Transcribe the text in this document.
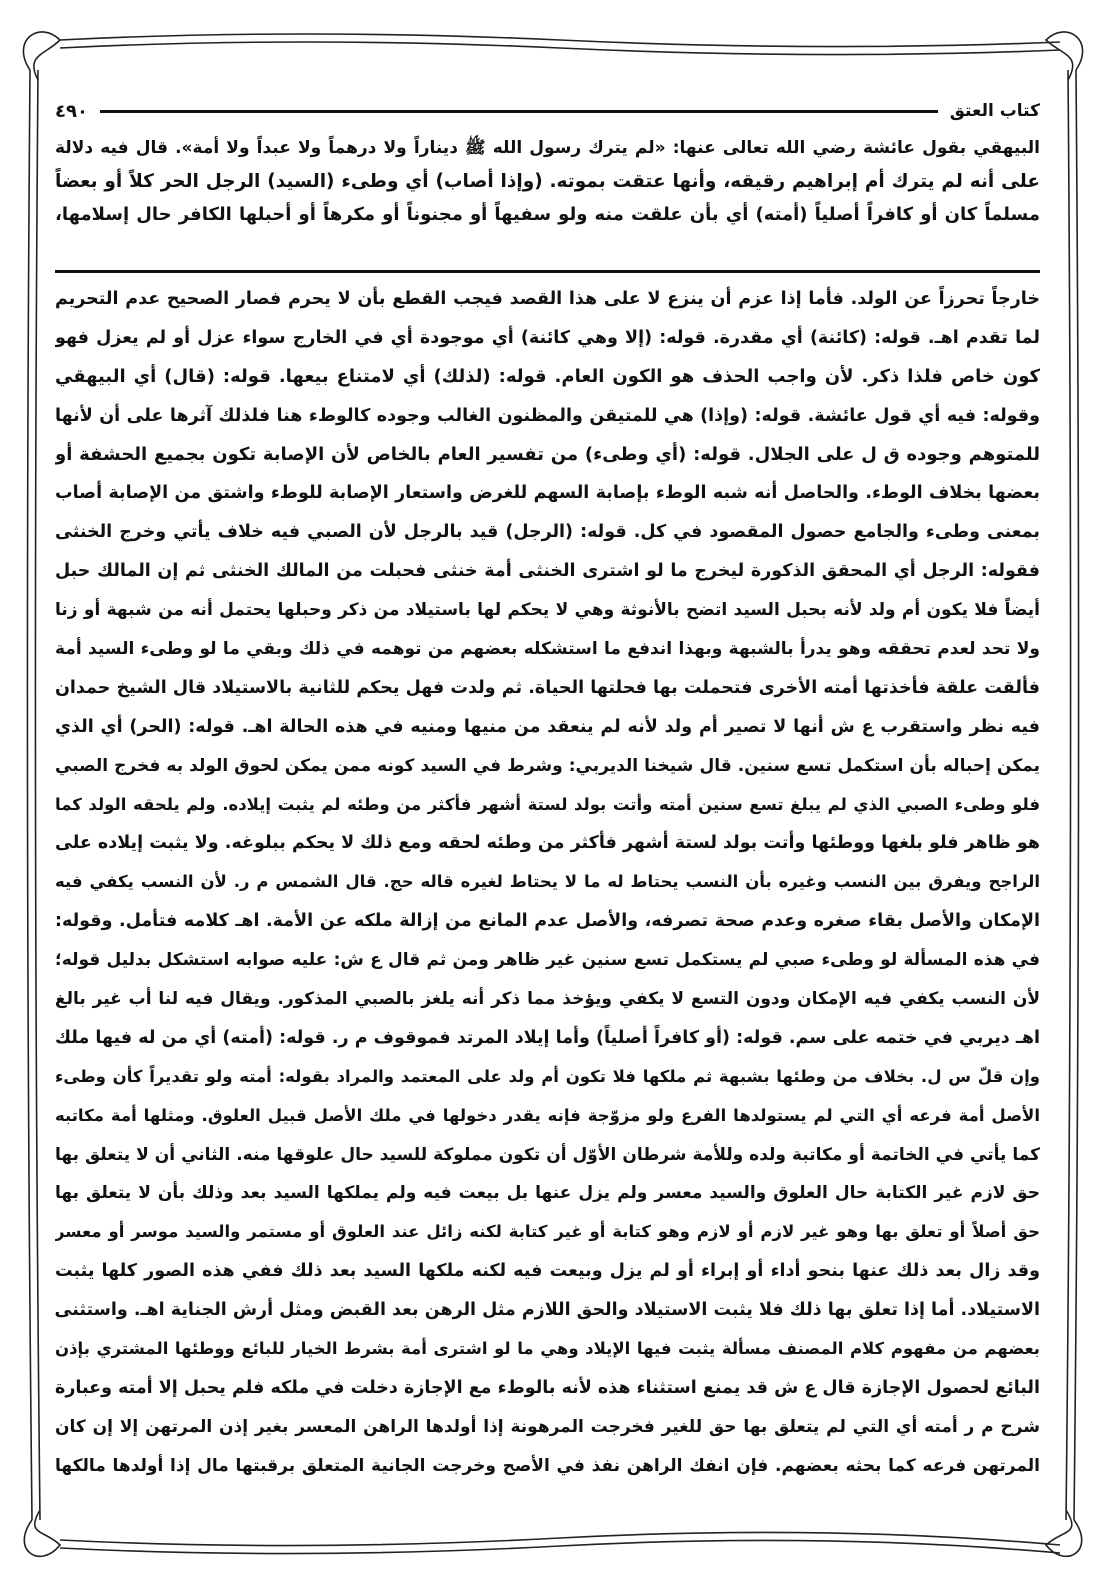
كتاب العتق
٤٩٠
البيهقي بقول عائشة رضي الله تعالى عنها: «لم يترك رسول الله ﷺ ديناراً ولا درهماً ولا عبداً ولا أمة». قال فيه دلالة
على أنه لم يترك أم إبراهيم رقيقه، وأنها عتقت بموته. (وإذا أصاب) أي وطىء (السيد) الرجل الحر كلاً أو بعضاً
مسلماً كان أو كافراً أصلياً (أمته) أي بأن علقت منه ولو سفيهاً أو مجنوناً أو مكرهاً أو أحبلها الكافر حال إسلامها،
خارجاً تحرزاً عن الولد. فأما إذا عزم أن ينزع لا على هذا القصد فيجب القطع بأن لا يحرم فصار الصحيح عدم التحريم
لما تقدم اهـ. قوله: (كائنة) أي مقدرة. قوله: (إلا وهي كائنة) أي موجودة أي في الخارج سواء عزل أو لم يعزل فهو
كون خاص فلذا ذكر. لأن واجب الحذف هو الكون العام. قوله: (لذلك) أي لامتناع بيعها. قوله: (قال) أي البيهقي
وقوله: فيه أي قول عائشة. قوله: (وإذا) هي للمتيقن والمظنون الغالب وجوده كالوطء هنا فلذلك آثرها على أن لأنها
للمتوهم وجوده ق ل على الجلال. قوله: (أي وطىء) من تفسير العام بالخاص لأن الإصابة تكون بجميع الحشفة أو
بعضها بخلاف الوطء. والحاصل أنه شبه الوطء بإصابة السهم للغرض واستعار الإصابة للوطء واشتق من الإصابة أصاب
بمعنى وطىء والجامع حصول المقصود في كل. قوله: (الرجل) قيد بالرجل لأن الصبي فيه خلاف يأتي وخرج الخنثى
فقوله: الرجل أي المحقق الذكورة ليخرج ما لو اشترى الخنثى أمة خنثى فحبلت من المالك الخنثى ثم إن المالك حبل
أيضاً فلا يكون أم ولد لأنه بحبل السيد اتضح بالأنوثة وهي لا يحكم لها باستيلاد من ذكر وحبلها يحتمل أنه من شبهة أو زنا
ولا تحد لعدم تحققه وهو يدرأ بالشبهة وبهذا اندفع ما استشكله بعضهم من توهمه في ذلك وبقي ما لو وطىء السيد أمة
فألقت علقة فأخذتها أمته الأخرى فتحملت بها فحلتها الحياة. ثم ولدت فهل يحكم للثانية بالاستيلاد قال الشيخ حمدان
فيه نظر واستقرب ع ش أنها لا تصير أم ولد لأنه لم ينعقد من منيها ومنيه في هذه الحالة اهـ. قوله: (الحر) أي الذي
يمكن إحباله بأن استكمل تسع سنين. قال شيخنا الديربي: وشرط في السيد كونه ممن يمكن لحوق الولد به فخرج الصبي
فلو وطىء الصبي الذي لم يبلغ تسع سنين أمته وأتت بولد لستة أشهر فأكثر من وطئه لم يثبت إيلاده. ولم يلحقه الولد كما
هو ظاهر فلو بلغها ووطئها وأتت بولد لستة أشهر فأكثر من وطئه لحقه ومع ذلك لا يحكم ببلوغه. ولا يثبت إيلاده على
الراجح ويفرق بين النسب وغيره بأن النسب يحتاط له ما لا يحتاط لغيره قاله حج. قال الشمس م ر. لأن النسب يكفي فيه
الإمكان والأصل بقاء صغره وعدم صحة تصرفه، والأصل عدم المانع من إزالة ملكه عن الأمة. اهـ كلامه فتأمل. وقوله:
في هذه المسألة لو وطىء صبي لم يستكمل تسع سنين غير ظاهر ومن ثم قال ع ش: عليه صوابه استشكل بدليل قوله؛
لأن النسب يكفي فيه الإمكان ودون التسع لا يكفي ويؤخذ مما ذكر أنه يلغز بالصبي المذكور. ويقال فيه لنا أب غير بالغ
اهـ ديربي في ختمه على سم. قوله: (أو كافراً أصلياً) وأما إيلاد المرتد فموقوف م ر. قوله: (أمته) أي من له فيها ملك
وإن قلّ س ل. بخلاف من وطئها بشبهة ثم ملكها فلا تكون أم ولد على المعتمد والمراد بقوله: أمته ولو تقديراً كأن وطىء
الأصل أمة فرعه أي التي لم يستولدها الفرع ولو مزوّجة فإنه يقدر دخولها في ملك الأصل قبيل العلوق. ومثلها أمة مكاتبه
كما يأتي في الخاتمة أو مكاتبة ولده وللأمة شرطان الأوّل أن تكون مملوكة للسيد حال علوقها منه. الثاني أن لا يتعلق بها
حق لازم غير الكتابة حال العلوق والسيد معسر ولم يزل عنها بل بيعت فيه ولم يملكها السيد بعد وذلك بأن لا يتعلق بها
حق أصلاً أو تعلق بها وهو غير لازم أو لازم وهو كتابة أو غير كتابة لكنه زائل عند العلوق أو مستمر والسيد موسر أو معسر
وقد زال بعد ذلك عنها بنحو أداء أو إبراء أو لم يزل وبيعت فيه لكنه ملكها السيد بعد ذلك ففي هذه الصور كلها يثبت
الاستيلاد. أما إذا تعلق بها ذلك فلا يثبت الاستيلاد والحق اللازم مثل الرهن بعد القبض ومثل أرش الجناية اهـ. واستثنى
بعضهم من مفهوم كلام المصنف مسألة يثبت فيها الإيلاد وهي ما لو اشترى أمة بشرط الخيار للبائع ووطئها المشتري بإذن
البائع لحصول الإجازة قال ع ش قد يمنع استثناء هذه لأنه بالوطء مع الإجازة دخلت في ملكه فلم يحبل إلا أمته وعبارة
شرح م ر أمته أي التي لم يتعلق بها حق للغير فخرجت المرهونة إذا أولدها الراهن المعسر بغير إذن المرتهن إلا إن كان
المرتهن فرعه كما بحثه بعضهم. فإن انفك الراهن نفذ في الأصح وخرجت الجانية المتعلق برقبتها مال إذا أولدها مالكها
